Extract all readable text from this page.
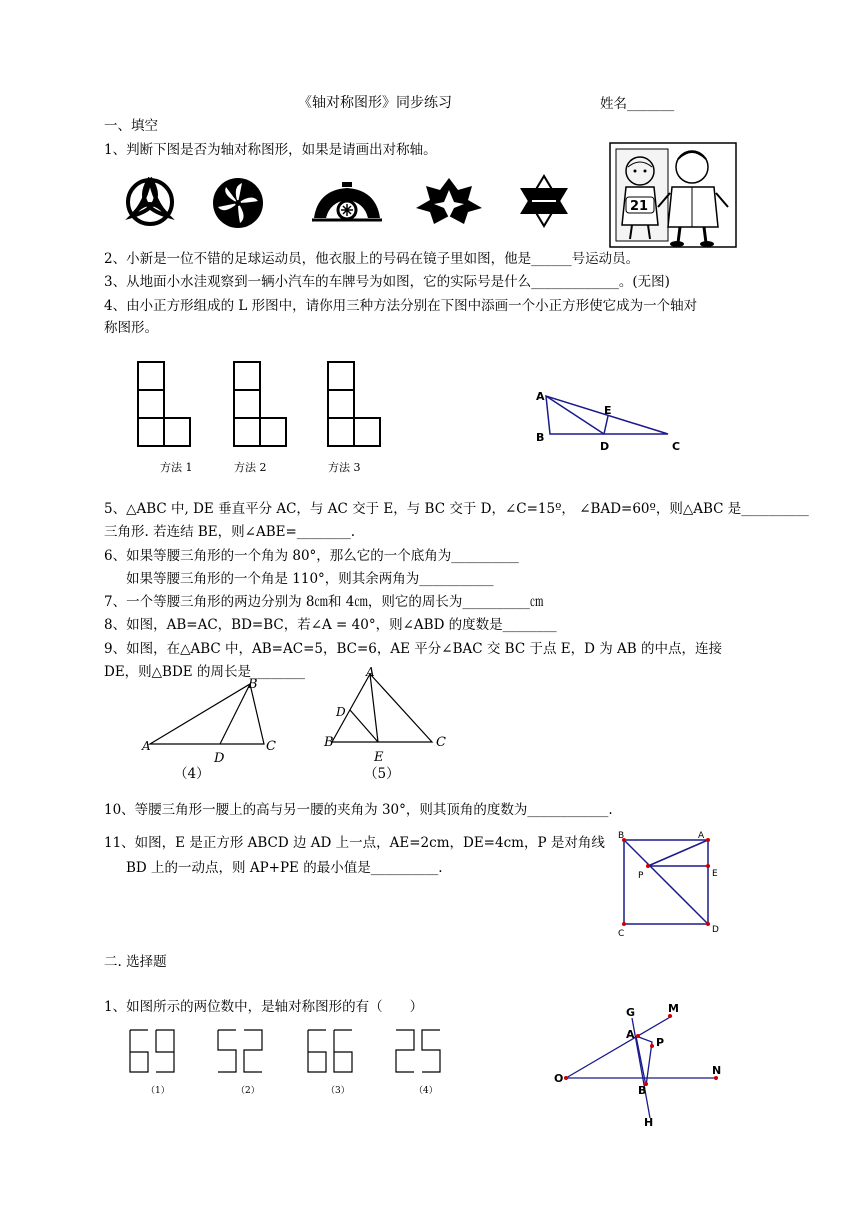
《轴对称图形》同步练习	姓名_______
一、填空
1、判断下图是否为轴对称图形，如果是请画出对称轴。
21
2、小新是一位不错的足球运动员，他衣服上的号码在镜子里如图，他是______号运动员。
3、从地面小水洼观察到一辆小汽车的车牌号为如图，它的实际号是什么_____________。(无图)
4、由小正方形组成的 L 形图中，请你用三种方法分别在下图中添画一个小正方形使它成为一个轴对
称图形。
方法 1	方法 2	方法 3
A
B
C
D
E
5、△ABC 中, DE 垂直平分 AC，与 AC 交于 E，与 BC 交于 D，∠C=15º， ∠BAD=60º，则△ABC 是__________
三角形. 若连结 BE，则∠ABE=________.
6、如果等腰三角形的一个角为 80°，那么它的一个底角为__________
如果等腰三角形的一个角是 110°，则其余两角为___________
7、一个等腰三角形的两边分别为 8㎝和 4㎝，则它的周长为__________㎝
8、如图，AB=AC，BD=BC，若∠A = 40°，则∠ABD 的度数是________
9、如图，在△ABC 中，AB=AC=5，BC=6，AE 平分∠BAC 交 BC 于点 E，D 为 AB 的中点，连接
DE，则△BDE 的周长是________
A
B
C
D
（4）
A
B	C
D
E
（5）
10、等腰三角形一腰上的高与另一腰的夹角为 30°，则其顶角的度数为____________.
11、如图，E 是正方形 ABCD 边 AD 上一点，AE=2cm，DE=4cm，P 是对角线
BD 上的一动点，则 AP+PE 的最小值是__________.
B	A
C	D
E
P
二. 选择题
1、如图所示的两位数中，是轴对称图形的有（　　）
（1）	（2）	（3）	（4）
O
A
B
G
H
M
N
P
